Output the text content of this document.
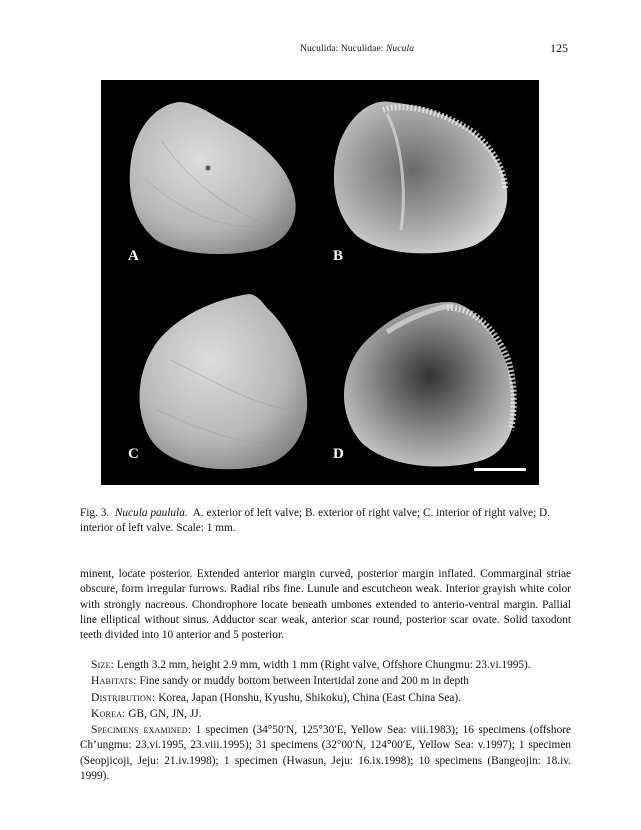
Nuculida: Nuculidae: Nucula	125
A	B
C	D
Fig. 3. Nucula paulula. A. exterior of left valve; B. exterior of right valve; C. interior of right valve; D. interior of left valve. Scale: 1 mm.

minent, locate posterior. Extended anterior margin curved, posterior margin inflated. Commarginal striae obscure, form irregular furrows. Radial ribs fine. Lunule and escutcheon weak. Interior grayish white color with strongly nacreous. Chondrophore locate beneath umbones extended to anterio-ventral margin. Pallial line elliptical without sinus. Adductor scar weak, anterior scar round, posterior scar ovate. Solid taxodont teeth divided into 10 anterior and 5 posterior.

Size: Length 3.2 mm, height 2.9 mm, width 1 mm (Right valve, Offshore Chungmu: 23.vi.1995).

Habitats: Fine sandy or muddy bottom between Intertidal zone and 200 m in depth

Distribution: Korea, Japan (Honshu, Kyushu, Shikoku), China (East China Sea).

Korea: GB, GN, JN, JJ.

Specimens examined: 1 specimen (34°50′N, 125°30′E, Yellow Sea: viii.1983); 16 specimens (offshore Ch’ungmu: 23.vi.1995, 23.viii.1995); 31 specimens (32°00′N, 124°00′E, Yellow Sea: v.1997); 1 specimen (Seopjicoji, Jeju: 21.iv.1998); 1 specimen (Hwasun, Jeju: 16.ix.1998); 10 specimens (Bangeojin: 18.iv. 1999).
